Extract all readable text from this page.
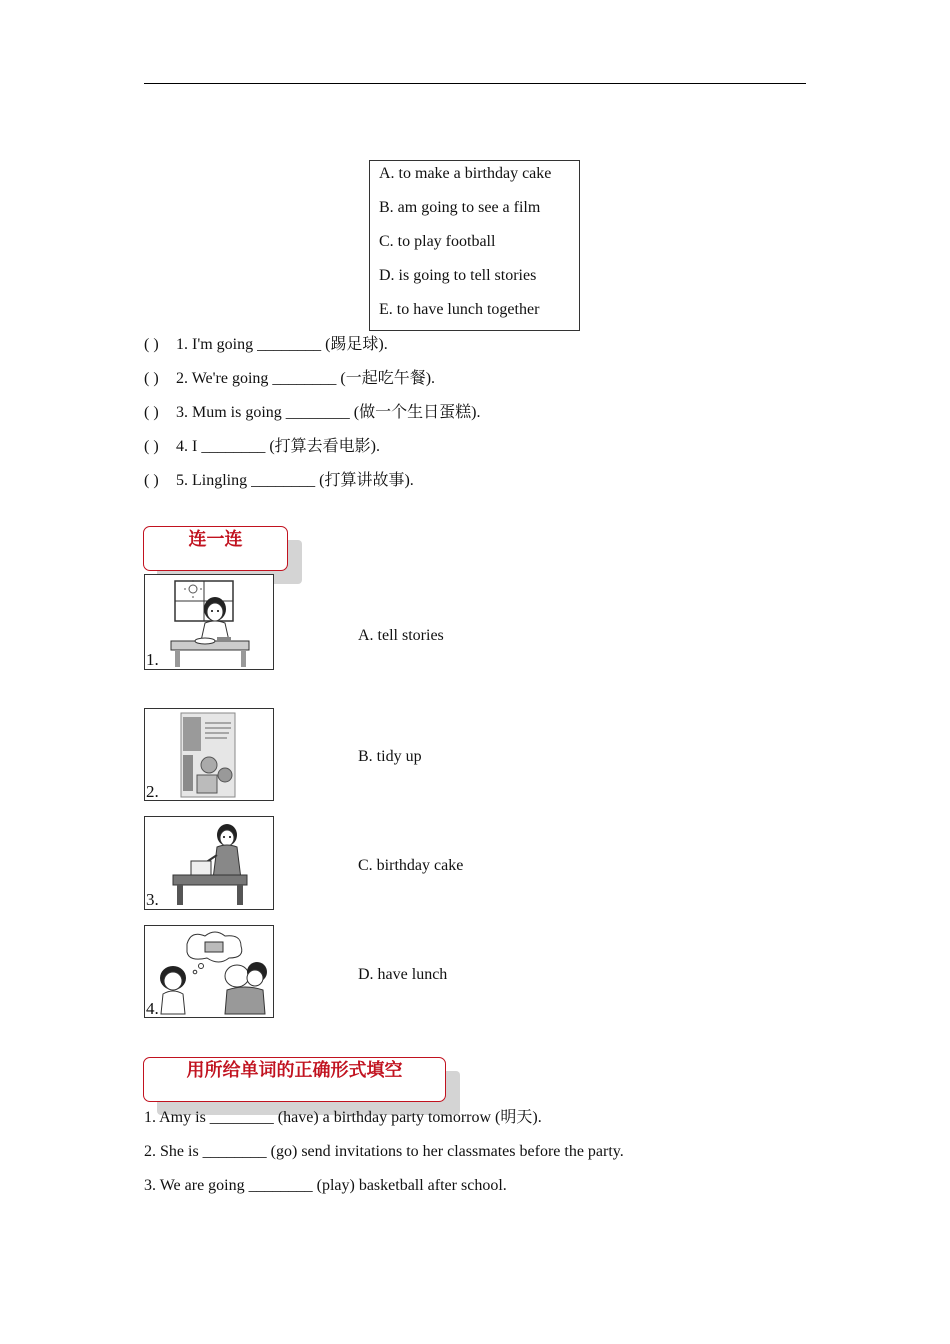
A. to make a birthday cake
B. am going to see a film
C. to play football
D. is going to tell stories
E. to have lunch together
( ) 1. I'm going ________ (踢足球).
( ) 2. We're going ________ (一起吃午餐).
( ) 3. Mum is going ________ (做一个生日蛋糕).
( ) 4. I ________ (打算去看电影).
( ) 5. Lingling ________ (打算讲故事).
连一连
1.
A. tell stories
2.
B. tidy up
3.
C. birthday cake
4.
D. have lunch
用所给单词的正确形式填空
1. Amy is ________ (have) a birthday party tomorrow (明天).
2. She is ________ (go) send invitations to her classmates before the party.
3. We are going ________ (play) basketball after school.
